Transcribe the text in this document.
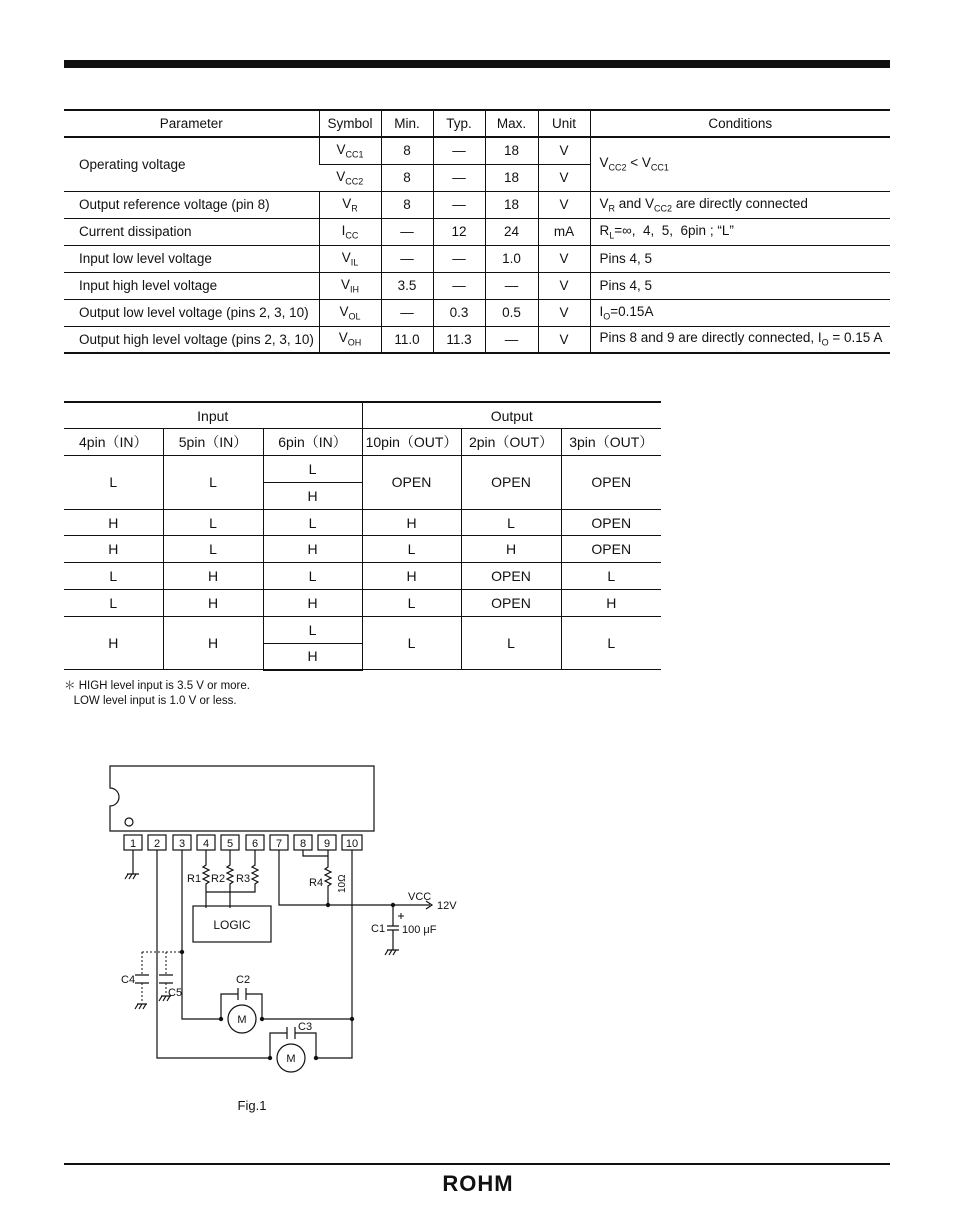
Parameter	Symbol	Min.	Typ.	Max.	Unit	Conditions
Operating voltage	$V_{CC1}$	8	—	18	V	$V_{CC2} < V_{CC1}$
	$V_{CC2}$	8	—	18	V	
Output reference voltage (pin 8)	$V_R$	8	—	18	V	$V_R$ and $V_{CC2}$ are directly connected
Current dissipation	$I_{CC}$	—	12	24	mA	$R_L=\infty$,  4,  5,  6pin ; “L”
Input low level voltage	$V_{IL}$	—	—	1.0	V	Pins 4, 5
Input high level voltage	$V_{IH}$	3.5	—	—	V	Pins 4, 5
Output low level voltage (pins 2, 3, 10)	$V_{OL}$	—	0.3	0.5	V	$I_O=0.15A$
Output high level voltage (pins 2, 3, 10)	$V_{OH}$	11.0	11.3	—	V	Pins 8 and 9 are directly connected, $I_O = 0.15$ A
Input			Output		
4pin（IN）	5pin（IN）	6pin（IN）	10pin（OUT）	2pin（OUT）	3pin（OUT）
L	L	L	OPEN	OPEN	OPEN
		H			
H	L	L	H	L	OPEN
H	L	H	L	H	OPEN
L	H	L	H	OPEN	L
L	H	H	L	OPEN	H
H	H	L	L	L	L
		H			
＊ HIGH level input is 3.5 V or more.
LOW level input is 1.0 V or less.
1 2 3 4 5 6 7 8 9 10
LOGIC
R1 R2 R3	R4 10Ω
VCC
12V
C1 100 μF
C2
C3
C4
C5
M
M
Fig.1
ROHM
